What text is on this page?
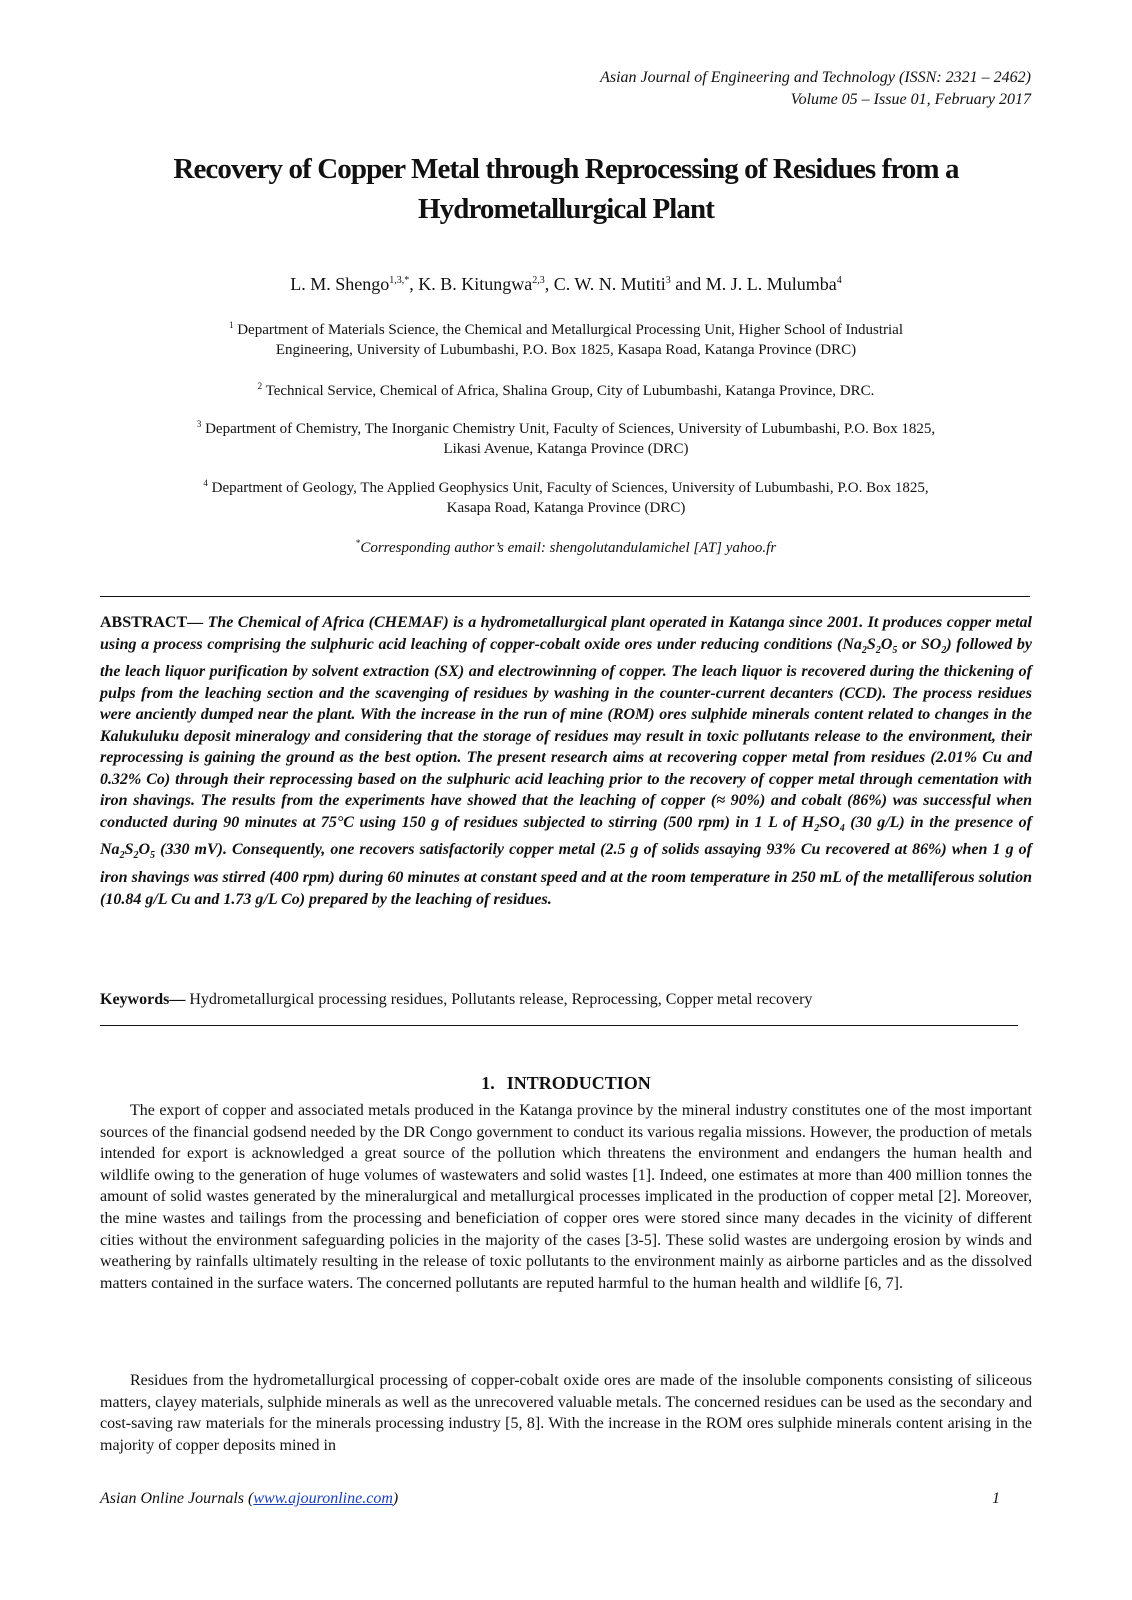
Asian Journal of Engineering and Technology (ISSN: 2321 – 2462)
Volume 05 – Issue 01, February 2017
Recovery of Copper Metal through Reprocessing of Residues from a
Hydrometallurgical Plant
L. M. Shengo$^{1,3,*}$, K. B. Kitungwa$^{2,3}$, C. W. N. Mutiti$^3$ and M. J. L. Mulumba$^4$
$^1$ Department of Materials Science, the Chemical and Metallurgical Processing Unit, Higher School of Industrial
Engineering, University of Lubumbashi, P.O. Box 1825, Kasapa Road, Katanga Province (DRC)
$^2$ Technical Service, Chemical of Africa, Shalina Group, City of Lubumbashi, Katanga Province, DRC.
$^3$ Department of Chemistry, The Inorganic Chemistry Unit, Faculty of Sciences, University of Lubumbashi, P.O. Box 1825,
Likasi Avenue, Katanga Province (DRC)
$^4$ Department of Geology, The Applied Geophysics Unit, Faculty of Sciences, University of Lubumbashi, P.O. Box 1825,
Kasapa Road, Katanga Province (DRC)
*Corresponding author’s email: shengolutandulamichel [AT] yahoo.fr
ABSTRACT— The Chemical of Africa (CHEMAF) is a hydrometallurgical plant operated in Katanga since 2001. It produces copper metal using a process comprising the sulphuric acid leaching of copper-cobalt oxide ores under reducing conditions ($Na_2S_2O_5$ or $SO_2$) followed by the leach liquor purification by solvent extraction (SX) and electrowinning of copper. The leach liquor is recovered during the thickening of pulps from the leaching section and the scavenging of residues by washing in the counter-current decanters (CCD). The process residues were anciently dumped near the plant. With the increase in the run of mine (ROM) ores sulphide minerals content related to changes in the Kalukuluku deposit mineralogy and considering that the storage of residues may result in toxic pollutants release to the environment, their reprocessing is gaining the ground as the best option. The present research aims at recovering copper metal from residues (2.01% Cu and 0.32% Co) through their reprocessing based on the sulphuric acid leaching prior to the recovery of copper metal through cementation with iron shavings. The results from the experiments have showed that the leaching of copper (≈ 90%) and cobalt (86%) was successful when conducted during 90 minutes at 75°C using 150 g of residues subjected to stirring (500 rpm) in 1 L of $H_2SO_4$ (30 g/L) in the presence of $Na_2S_2O_5$ (330 mV). Consequently, one recovers satisfactorily copper metal (2.5 g of solids assaying 93% Cu recovered at 86%) when 1 g of iron shavings was stirred (400 rpm) during 60 minutes at constant speed and at the room temperature in 250 mL of the metalliferous solution (10.84 g/L Cu and 1.73 g/L Co) prepared by the leaching of residues.
Keywords— Hydrometallurgical processing residues, Pollutants release, Reprocessing, Copper metal recovery
1. INTRODUCTION

The export of copper and associated metals produced in the Katanga province by the mineral industry constitutes one of the most important sources of the financial godsend needed by the DR Congo government to conduct its various regalia missions. However, the production of metals intended for export is acknowledged a great source of the pollution which threatens the environment and endangers the human health and wildlife owing to the generation of huge volumes of wastewaters and solid wastes [1]. Indeed, one estimates at more than 400 million tonnes the amount of solid wastes generated by the mineralurgical and metallurgical processes implicated in the production of copper metal [2]. Moreover, the mine wastes and tailings from the processing and beneficiation of copper ores were stored since many decades in the vicinity of different cities without the environment safeguarding policies in the majority of the cases [3-5]. These solid wastes are undergoing erosion by winds and weathering by rainfalls ultimately resulting in the release of toxic pollutants to the environment mainly as airborne particles and as the dissolved matters contained in the surface waters. The concerned pollutants are reputed harmful to the human health and wildlife [6, 7].

Residues from the hydrometallurgical processing of copper-cobalt oxide ores are made of the insoluble components consisting of siliceous matters, clayey materials, sulphide minerals as well as the unrecovered valuable metals. The concerned residues can be used as the secondary and cost-saving raw materials for the minerals processing industry [5, 8]. With the increase in the ROM ores sulphide minerals content arising in the majority of copper deposits mined in

Asian Online Journals (www.ajouronline.com)	1
